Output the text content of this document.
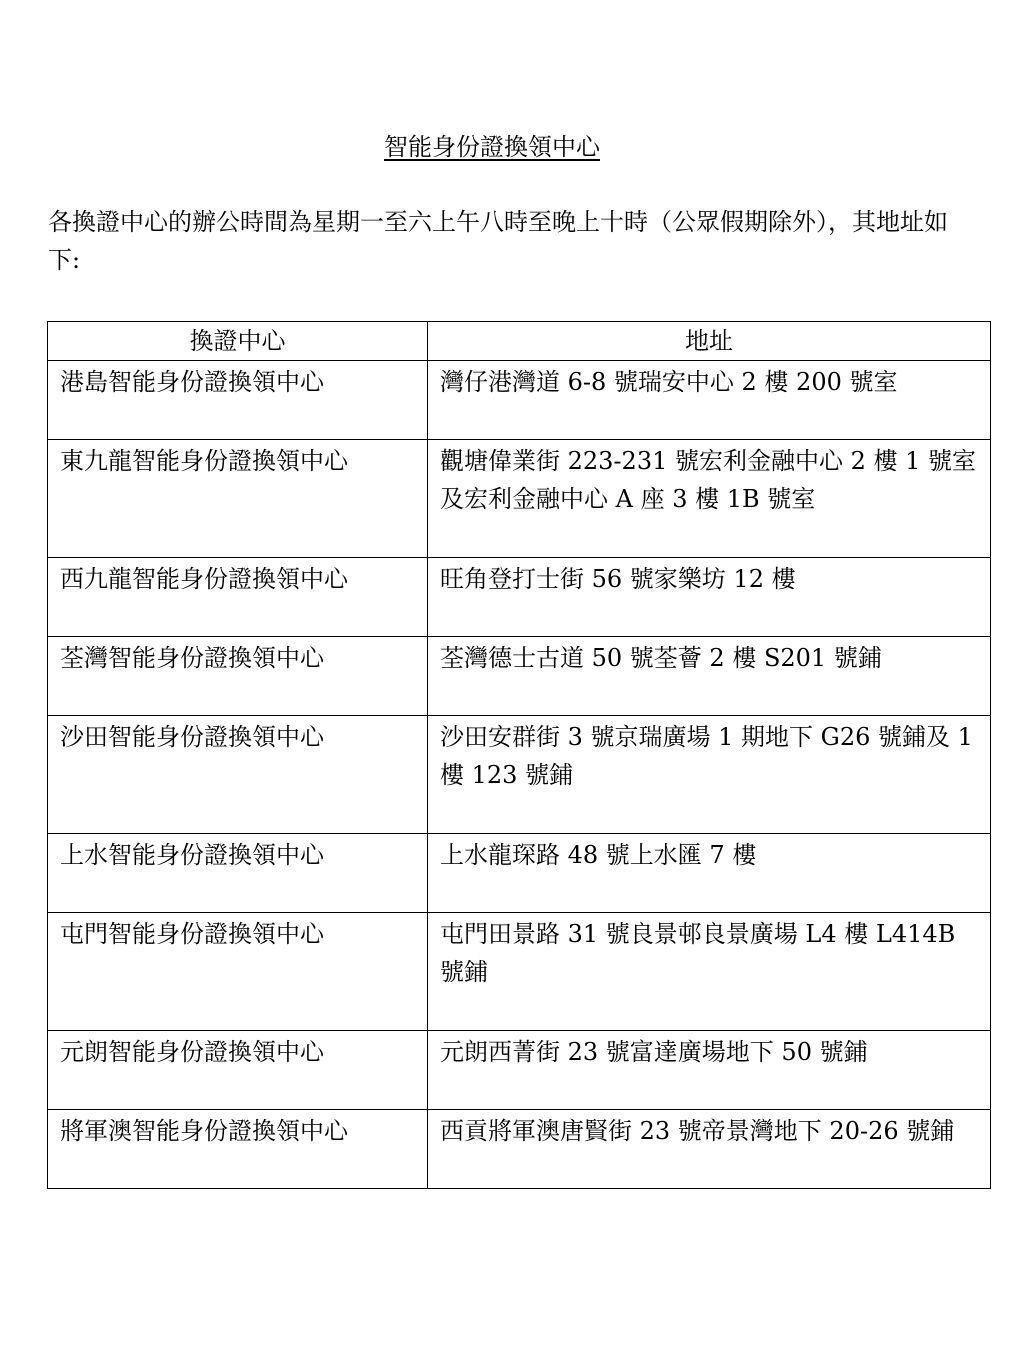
智能身份證換領中心
各換證中心的辦公時間為星期一至六上午八時至晚上十時（公眾假期除外），其地址如下:
換證中心	地址
港島智能身份證換領中心	灣仔港灣道 6-8 號瑞安中心 2 樓 200 號室
東九龍智能身份證換領中心	觀塘偉業街 223-231 號宏利金融中心 2 樓 1 號室及宏利金融中心 A 座 3 樓 1B 號室
西九龍智能身份證換領中心	旺角登打士街 56 號家樂坊 12 樓
荃灣智能身份證換領中心	荃灣德士古道 50 號荃薈 2 樓 S201 號鋪
沙田智能身份證換領中心	沙田安群街 3 號京瑞廣場 1 期地下 G26 號鋪及 1 樓 123 號鋪
上水智能身份證換領中心	上水龍琛路 48 號上水匯 7 樓
屯門智能身份證換領中心	屯門田景路 31 號良景邨良景廣場 L4 樓 L414B 號鋪
元朗智能身份證換領中心	元朗西菁街 23 號富達廣場地下 50 號鋪
將軍澳智能身份證換領中心	西貢將軍澳唐賢街 23 號帝景灣地下 20-26 號鋪
